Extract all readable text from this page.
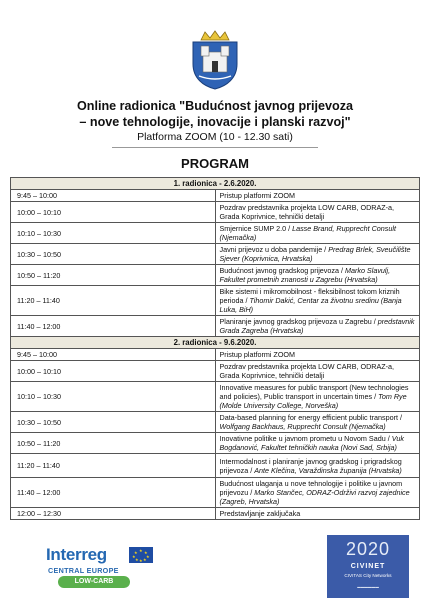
Online radionica "Budućnost javnog prijevoza
– nove tehnologije, inovacije i planski razvoj"
Platforma ZOOM (10 - 12.30 sati)
PROGRAM
1. radionica - 2.6.2020.	
9:45 – 10:00	Pristup platformi ZOOM
10:00 – 10:10	Pozdrav predstavnika projekta LOW CARB, ODRAZ-a, Grada Koprivnice, tehnički detalji
10:10 – 10:30	Smjernice SUMP 2.0 / Lasse Brand, Rupprecht Consult (Njemačka)
10:30 – 10:50	Javni prijevoz u doba pandemije / Predrag Brlek, Sveučilište Sjever (Koprivnica, Hrvatska)
10:50 – 11:20	Budućnost javnog gradskog prijevoza / Marko Slavulj, Fakultet prometnih znanosti u Zagrebu (Hrvatska)
11:20 – 11:40	Bike sistemi i mikromobilnost - fleksibilnost tokom kriznih perioda / Tihomir Dakić, Centar za životnu sredinu (Banja Luka, BiH)
11:40 – 12:00	Planiranje javnog gradskog prijevoza u Zagrebu / predstavnik Grada Zagreba (Hrvatska)
2. radionica - 9.6.2020.	
9:45 – 10:00	Pristup platformi ZOOM
10:00 – 10:10	Pozdrav predstavnika projekta LOW CARB, ODRAZ-a, Grada Koprivnice, tehnički detalji
10:10 – 10:30	Innovative measures for public transport (New technologies and policies), Public transport in uncertain times / Tom Rye (Molde University College, Norveška)
10:30 – 10:50	Data-based planning for energy efficient public transport / Wolfgang Backhaus, Rupprecht Consult (Njemačka)
10:50 – 11:20	Inovativne politike u javnom prometu u Novom Sadu / Vuk Bogdanović, Fakultet tehničkih nauka (Novi Sad, Srbija)
11:20 – 11:40	Intermodalnost i planiranje javnog gradskog i prigradskog prijevoza / Ante Klečina, Varaždinska županija (Hrvatska)
11:40 – 12:00	Budućnost ulaganja u nove tehnologije i politike u javnom prijevozu / Marko Stančec, ODRAZ-Održivi razvoj zajednice (Zagreb, Hrvatska)
12:00 – 12:30	Predstavljanje zaključaka
Interreg	★
★ ★
★	★
★ ★
★
CENTRAL EUROPE
LOW-CARB
2020
CIVINET
CIVITAS City Networks
▬▬▬▬▬▬
